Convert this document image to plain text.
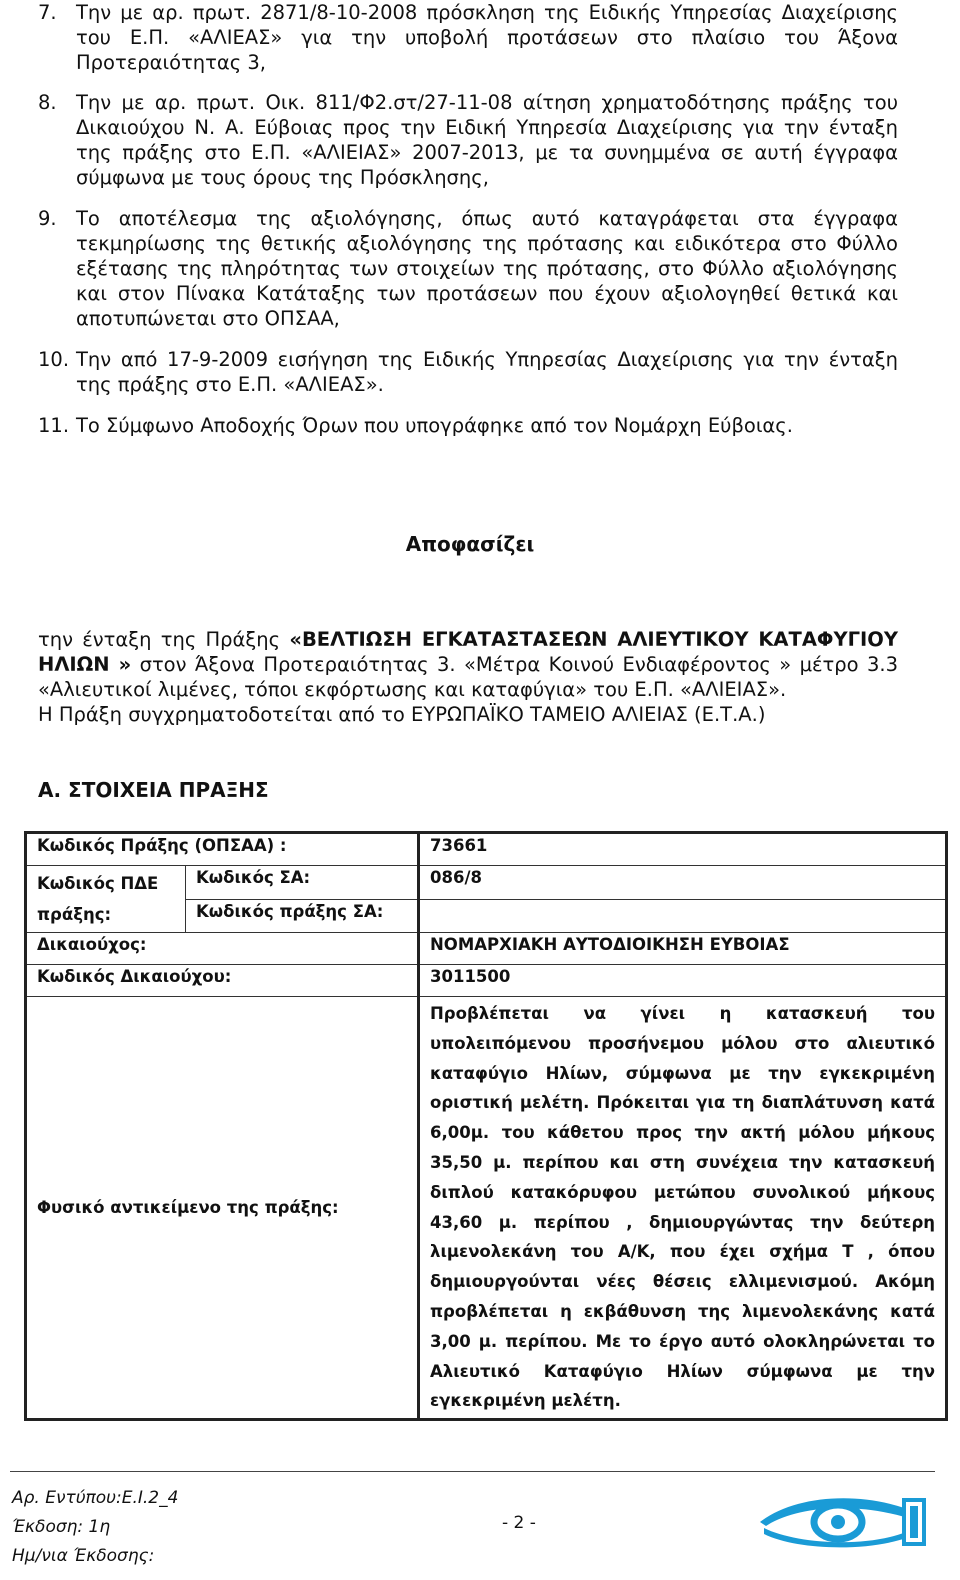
7. Την με αρ. πρωτ. 2871/8-10-2008 πρόσκληση της Ειδικής Υπηρεσίας Διαχείρισης του Ε.Π. «ΑΛΙΕΑΣ» για την υποβολή προτάσεων στο πλαίσιο του Άξονα Προτεραιότητας 3,
8. Την με αρ. πρωτ. Οικ. 811/Φ2.στ/27-11-08 αίτηση χρηματοδότησης πράξης του Δικαιούχου Ν. Α. Εύβοιας προς την Ειδική Υπηρεσία Διαχείρισης για την ένταξη της πράξης στο Ε.Π. «ΑΛΙΕΙΑΣ» 2007-2013, με τα συνημμένα σε αυτή έγγραφα σύμφωνα με τους όρους της Πρόσκλησης,
9. Το αποτέλεσμα της αξιολόγησης, όπως αυτό καταγράφεται στα έγγραφα τεκμηρίωσης της θετικής αξιολόγησης της πρότασης και ειδικότερα στο Φύλλο εξέτασης της πληρότητας των στοιχείων της πρότασης, στο Φύλλο αξιολόγησης και στον Πίνακα Κατάταξης των προτάσεων που έχουν αξιολογηθεί θετικά και αποτυπώνεται στο ΟΠΣΑΑ,
10. Την από 17-9-2009 εισήγηση της Ειδικής Υπηρεσίας Διαχείρισης για την ένταξη της πράξης στο Ε.Π. «ΑΛΙΕΑΣ».
11. Το Σύμφωνο Αποδοχής Όρων που υπογράφηκε από τον Νομάρχη Εύβοιας.
Αποφασίζει
την ένταξη της Πράξης «ΒΕΛΤΙΩΣΗ ΕΓΚΑΤΑΣΤΑΣΕΩΝ ΑΛΙΕΥΤΙΚΟΥ ΚΑΤΑΦΥΓΙΟΥ ΗΛΙΩΝ » στον Άξονα Προτεραιότητας 3. «Μέτρα Κοινού Ενδιαφέροντος » μέτρο 3.3 «Αλιευτικοί λιμένες, τόποι εκφόρτωσης και καταφύγια» του Ε.Π. «ΑΛΙΕΙΑΣ».
Η Πράξη συγχρηματοδοτείται από το ΕΥΡΩΠΑΪΚΟ ΤΑΜΕΙΟ ΑΛΙΕΙΑΣ (Ε.Τ.Α.)
Α. ΣΤΟΙΧΕΙΑ ΠΡΑΞΗΣ
Κωδικός Πράξης (ΟΠΣΑΑ) :		73661
Κωδικός ΠΔΕ πράξης:	Κωδικός ΣΑ:	086/8
	Κωδικός πράξης ΣΑ:	
Δικαιούχος:		ΝΟΜΑΡΧΙΑΚΗ ΑΥΤΟΔΙΟΙΚΗΣΗ ΕΥΒΟΙΑΣ
Κωδικός Δικαιούχου:		3011500
Φυσικό αντικείμενο της πράξης:		Προβλέπεται να γίνει η κατασκευή του υπολειπόμενου προσήνεμου μόλου στο αλιευτικό καταφύγιο Ηλίων, σύμφωνα με την εγκεκριμένη οριστική μελέτη. Πρόκειται για τη διαπλάτυνση κατά 6,00μ. του κάθετου προς την ακτή μόλου μήκους 35,50 μ. περίπου και στη συνέχεια την κατασκευή διπλού κατακόρυφου μετώπου συνολικού μήκους 43,60 μ. περίπου , δημιουργώντας την δεύτερη λιμενολεκάνη του Α/Κ, που έχει σχήμα Τ , όπου δημιουργούνται νέες θέσεις ελλιμενισμού. Ακόμη προβλέπεται η εκβάθυνση της λιμενολεκάνης κατά 3,00 μ. περίπου. Με το έργο αυτό ολοκληρώνεται το Αλιευτικό Καταφύγιο Ηλίων σύμφωνα με την εγκεκριμένη μελέτη.
Αρ. Εντύπου:Ε.Ι.2_4
Έκδοση: 1η
Ημ/νια Έκδοσης:
- 2 -
